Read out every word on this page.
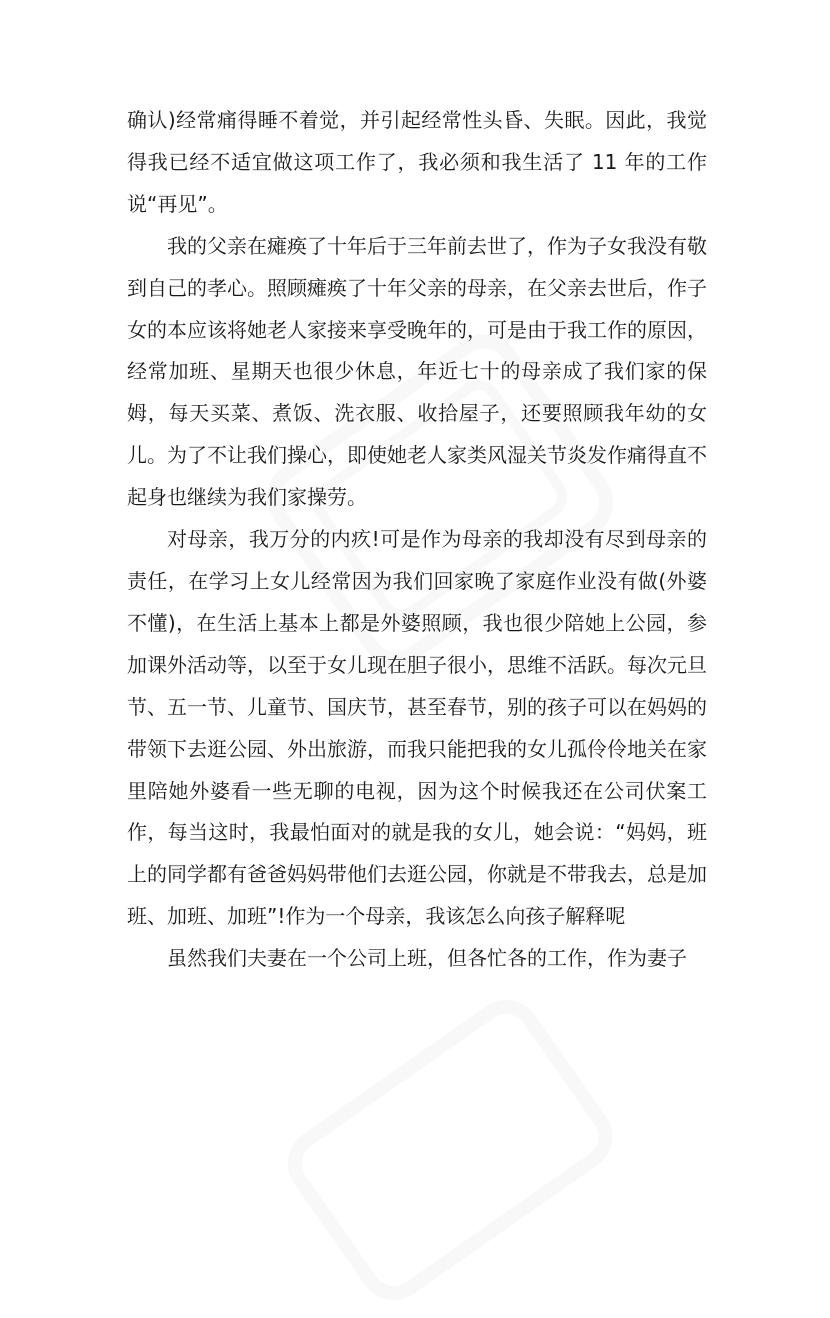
确认)经常痛得睡不着觉，并引起经常性头昏、失眠。因此，我觉得我已经不适宜做这项工作了，我必须和我生活了 11 年的工作说“再见”。

我的父亲在瘫痪了十年后于三年前去世了，作为子女我没有敬到自己的孝心。照顾瘫痪了十年父亲的母亲，在父亲去世后，作子女的本应该将她老人家接来享受晚年的，可是由于我工作的原因，经常加班、星期天也很少休息，年近七十的母亲成了我们家的保姆，每天买菜、煮饭、洗衣服、收拾屋子，还要照顾我年幼的女儿。为了不让我们操心，即使她老人家类风湿关节炎发作痛得直不起身也继续为我们家操劳。

对母亲，我万分的内疚!可是作为母亲的我却没有尽到母亲的责任，在学习上女儿经常因为我们回家晚了家庭作业没有做(外婆不懂)，在生活上基本上都是外婆照顾，我也很少陪她上公园，参加课外活动等，以至于女儿现在胆子很小，思维不活跃。每次元旦节、五一节、儿童节、国庆节，甚至春节，别的孩子可以在妈妈的带领下去逛公园、外出旅游，而我只能把我的女儿孤伶伶地关在家里陪她外婆看一些无聊的电视，因为这个时候我还在公司伏案工作，每当这时，我最怕面对的就是我的女儿，她会说：“妈妈，班上的同学都有爸爸妈妈带他们去逛公园，你就是不带我去，总是加班、加班、加班”!作为一个母亲，我该怎么向孩子解释呢

虽然我们夫妻在一个公司上班，但各忙各的工作，作为妻子
